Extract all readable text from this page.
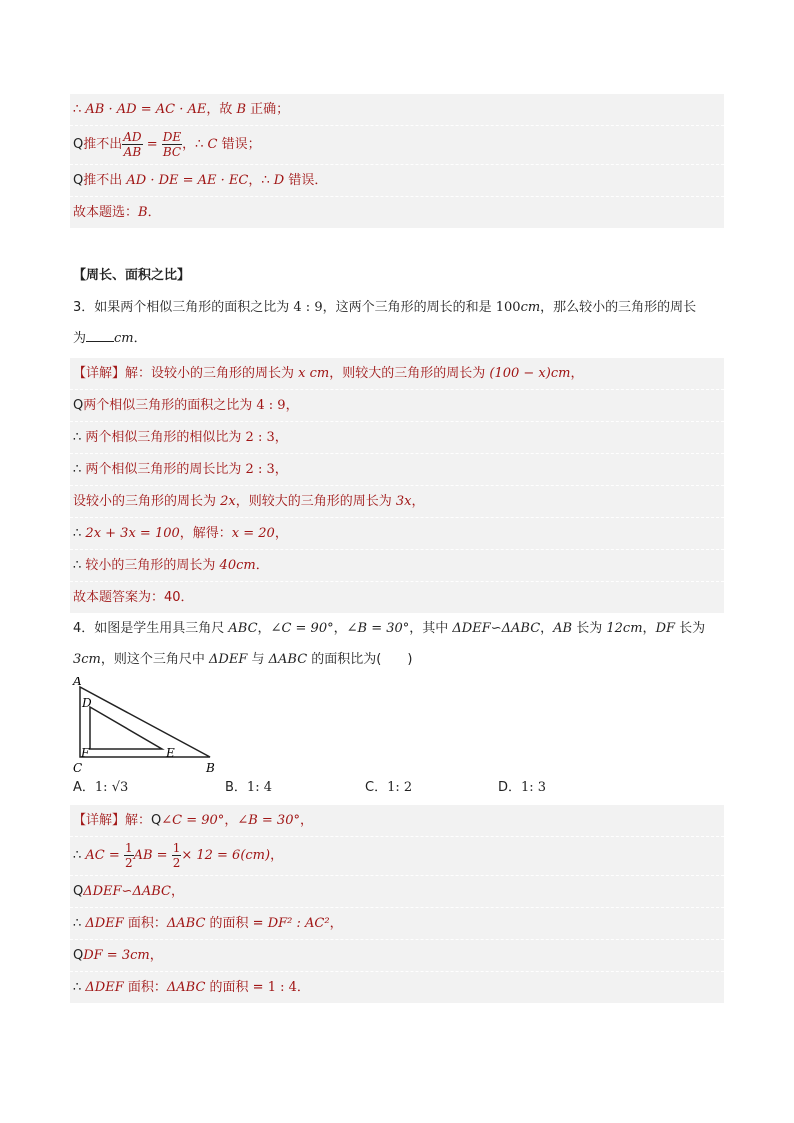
∴ AB · AD = AC · AE，故 B 正确；
Q推不出 $\frac{AD}{AB} = \frac{DE}{BC}$ ，∴ C 错误；
Q推不出 AD · DE = AE · EC，∴ D 错误．
故本题选：B．
【周长、面积之比】
3．如果两个相似三角形的面积之比为 4 : 9，这两个三角形的周长的和是 100cm，那么较小的三角形的周长
为 cm．
【详解】解：设较小的三角形的周长为 x cm，则较大的三角形的周长为 (100 − x)cm，
Q两个相似三角形的面积之比为 4 : 9，
∴ 两个相似三角形的相似比为 2 : 3，
∴ 两个相似三角形的周长比为 2 : 3，
设较小的三角形的周长为 2x，则较大的三角形的周长为 3x，
∴ 2x + 3x = 100，解得：x = 20，
∴ 较小的三角形的周长为 40cm．
故本题答案为：40．
4．如图是学生用具三角尺 ABC，∠C = 90°，∠B = 30°，其中 ΔDEF∽ΔABC，AB 长为 12cm，DF 长为
3cm，则这个三角尺中 ΔDEF 与 ΔABC 的面积比为(　　)
A
C	B
D
F	E
A．1: √3	B．1: 4	C．1: 2	D．1: 3
【详解】解：Q∠C = 90°，∠B = 30°，
∴ AC = $\frac{1}{2}$ AB = $\frac{1}{2} \times 12 = 6(cm)$，
QΔDEF∽ΔABC，
∴ ΔDEF 面积：ΔABC 的面积 = DF² : AC²，
QDF = 3cm，
∴ ΔDEF 面积：ΔABC 的面积 = 1 : 4．
